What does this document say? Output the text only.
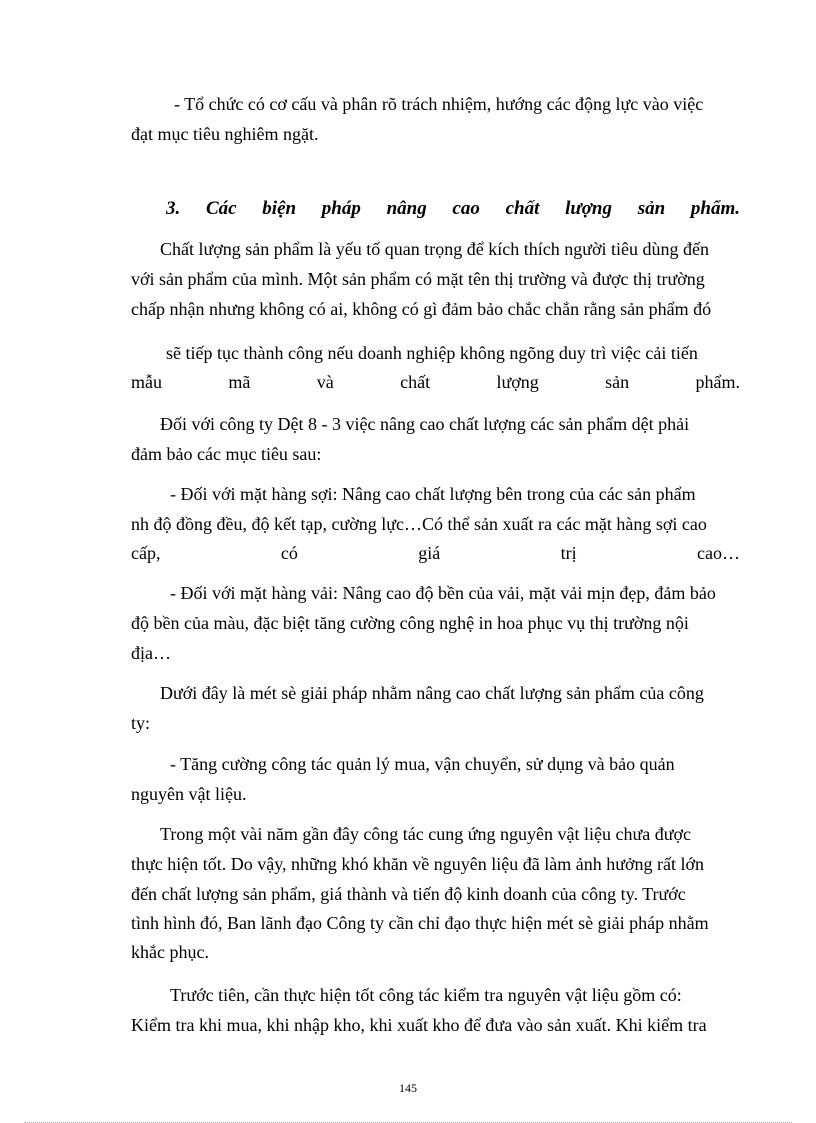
- Tổ chức có cơ cấu và phân rõ trách nhiệm, hướng các động lực vào việc
đạt mục tiêu nghiêm ngặt.
3. Các biện pháp nâng cao chất lượng sản phẩm.
Chất lượng sản phẩm là yếu tố quan trọng để kích thích người tiêu dùng đến
với sản phẩm của mình. Một sản phẩm có mặt tên thị trường và được thị trường
chấp nhận nhưng không có ai, không có gì đảm bảo chắc chắn rằng sản phẩm đó
sẽ tiếp tục thành công nếu doanh nghiệp không ngõng duy trì việc cải tiến
mẫu mã và chất lượng sản phẩm.
Đối với công ty Dệt 8 - 3 việc nâng cao chất lượng các sản phẩm dệt phải
đảm bảo các mục tiêu sau:
- Đối với mặt hàng sợi: Nâng cao chất lượng bên trong của các sản phẩm
nh độ đồng đều, độ kết tạp, cường lực…Có thể sản xuất ra các mặt hàng sợi cao
cấp, có giá trị cao…
- Đối với mặt hàng vải: Nâng cao độ bền của vải, mặt vải mịn đẹp, đảm bảo
độ bền của màu, đặc biệt tăng cường công nghệ in hoa phục vụ thị trường nội
địa…
Dưới đây là mét sè giải pháp nhằm nâng cao chất lượng sản phẩm của công
ty:
- Tăng cường công tác quản lý mua, vận chuyển, sử dụng và bảo quản
nguyên vật liệu.
Trong một vài năm gần đây công tác cung ứng nguyên vật liệu chưa được
thực hiện tốt. Do vậy, những khó khăn về nguyên liệu đã làm ảnh hưởng rất lớn
đến chất lượng sản phẩm, giá thành và tiến độ kinh doanh của công ty. Trước
tình hình đó, Ban lãnh đạo Công ty cần chỉ đạo thực hiện mét sè giải pháp nhằm
khắc phục.
Trước tiên, cần thực hiện tốt công tác kiểm tra nguyên vật liệu gồm có:
Kiểm tra khi mua, khi nhập kho, khi xuất kho để đưa vào sản xuất. Khi kiểm tra
145
